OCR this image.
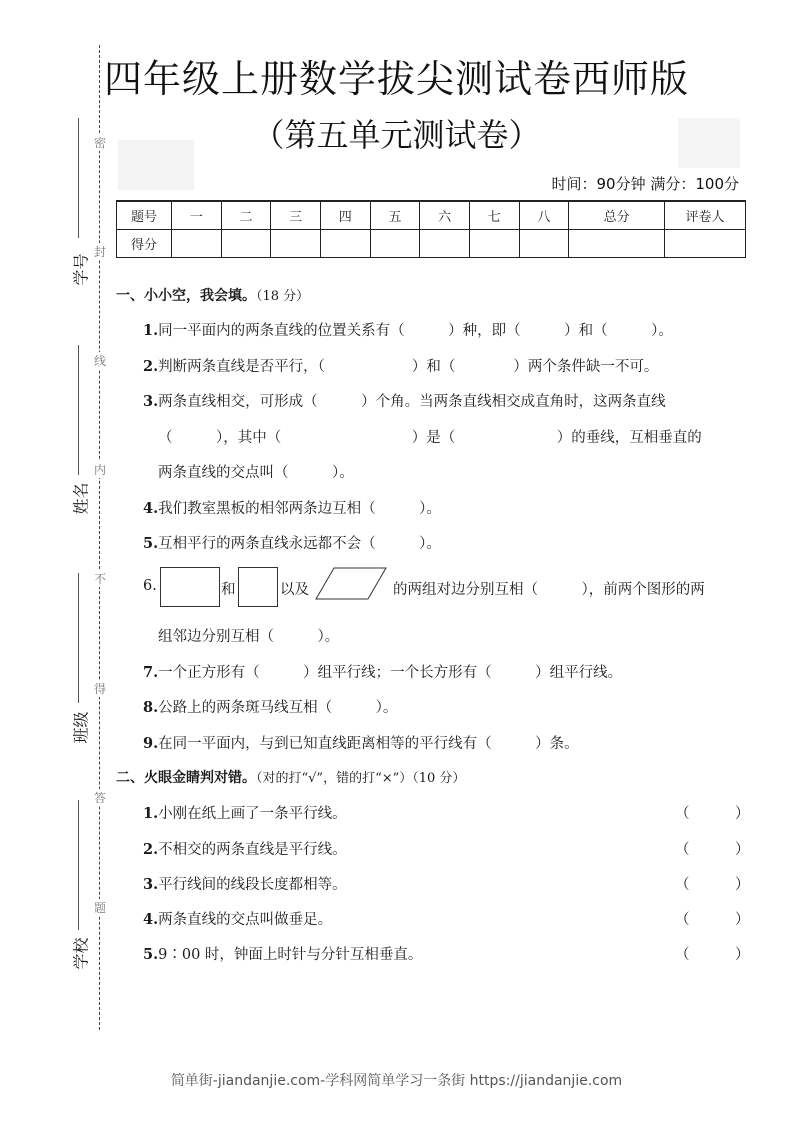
密
封
线
内
不
得
答
题
学号
姓名
班级
学校
四年级上册数学拔尖测试卷西师版
（第五单元测试卷）
时间：90分钟 满分：100分
题号	一	二	三	四	五	六	七	八	总分	评卷人
得分										
一、小小空，我会填。（18 分）
1.同一平面内的两条直线的位置关系有（　　　）种，即（　　　）和（　　　）。
2.判断两条直线是否平行，（　　　　　　）和（　　　　）两个条件缺一不可。
3.两条直线相交，可形成（　　　）个角。当两条直线相交成直角时，这两条直线
（　　　），其中（　　　　　　　　　）是（　　　　　　　）的垂线，互相垂直的
两条直线的交点叫（　　　）。
4.我们教室黑板的相邻两条边互相（　　　）。
5.互相平行的两条直线永远都不会（　　　）。
6.	和	以及	的两组对边分别互相（　　　），前两个图形的两
组邻边分别互相（　　　）。
7.一个正方形有（　　　）组平行线；一个长方形有（　　　）组平行线。
8.公路上的两条斑马线互相（　　　）。
9.在同一平面内，与到已知直线距离相等的平行线有（　　　）条。
二、火眼金睛判对错。（对的打“√”，错的打“×”）（10 分）
1.小刚在纸上画了一条平行线。	（	）
2.不相交的两条直线是平行线。	（	）
3.平行线间的线段长度都相等。	（	）
4.两条直线的交点叫做垂足。	（	）
5.9∶00 时，钟面上时针与分针互相垂直。	（	）
简单街-jiandanjie.com-学科网简单学习一条街 https://jiandanjie.com
